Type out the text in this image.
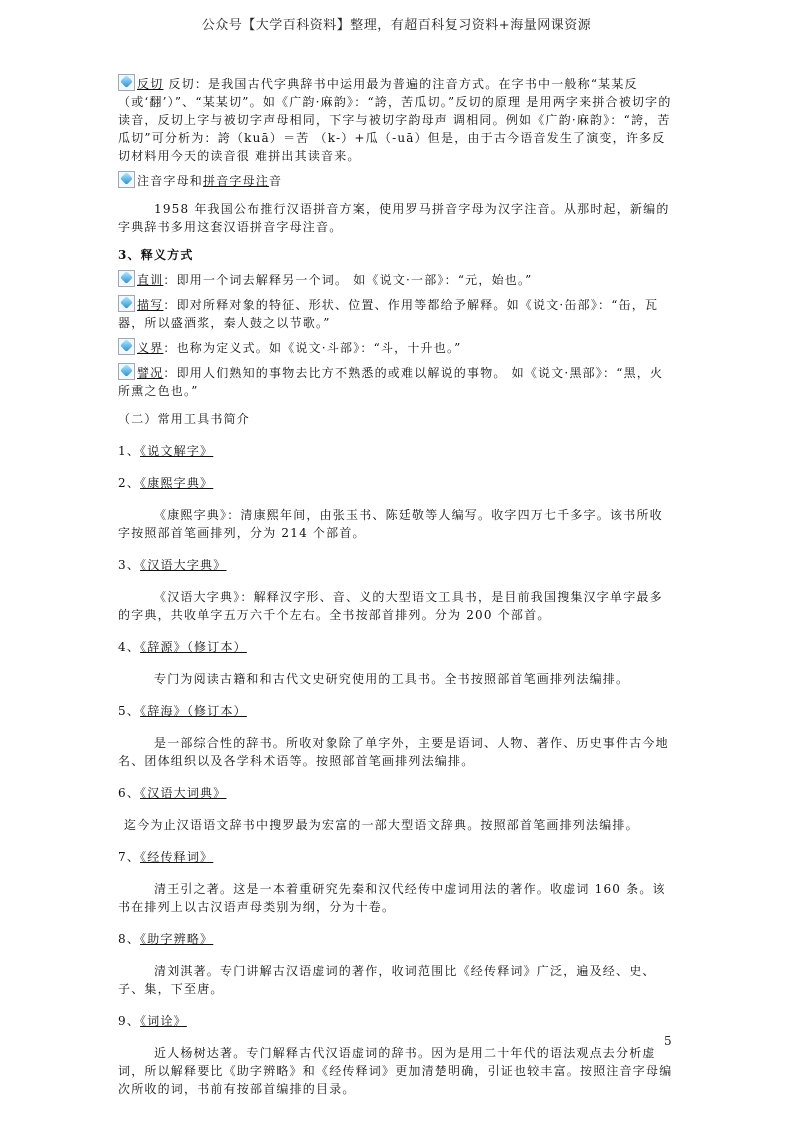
公众号【大学百科资料】整理，有超百科复习资料+海量网课资源

反切 反切：是我国古代字典辞书中运用最为普遍的注音方式。在字书中一般称“某某反 （或‘翻’）”、“某某切”。如《广韵·麻韵》：“誇，苦瓜切。”反切的原理 是用两字来拼合被切字的读音，反切上字与被切字声母相同，下字与被切字韵母声 调相同。例如《广韵·麻韵》：“誇，苦瓜切”可分析为：誇（kuā）＝苦 （k-）+瓜（-uā）但是，由于古今语音发生了演变，许多反切材料用今天的读音很 难拼出其读音来。

注音字母和拼音字母注音

1958 年我国公布推行汉语拼音方案，使用罗马拼音字母为汉字注音。从那时起，新编的字典辞书多用这套汉语拼音字母注音。

3、释义方式

直训：即用一个词去解释另一个词。 如《说文·一部》：“元，始也。”

描写：即对所释对象的特征、形状、位置、作用等都给予解释。如《说文·缶部》：“缶，瓦器，所以盛酒浆，秦人鼓之以节歌。”

义界：也称为定义式。如《说文·斗部》：“斗，十升也。”

譬况：即用人们熟知的事物去比方不熟悉的或难以解说的事物。 如《说文·黑部》：“黑，火所熏之色也。”

（二）常用工具书简介

1、《说文解字》

2、《康熙字典》

《康熙字典》：清康熙年间，由张玉书、陈廷敬等人编写。收字四万七千多字。该书所收字按照部首笔画排列，分为 214 个部首。

3、《汉语大字典》

《汉语大字典》：解释汉字形、音、义的大型语文工具书，是目前我国搜集汉字单字最多的字典，共收单字五万六千个左右。全书按部首排列。分为 200 个部首。

4、《辞源》（修订本）

专门为阅读古籍和和古代文史研究使用的工具书。全书按照部首笔画排列法编排。

5、《辞海》（修订本）

是一部综合性的辞书。所收对象除了单字外，主要是语词、人物、著作、历史事件古今地名、团体组织以及各学科术语等。按照部首笔画排列法编排。

6、《汉语大词典》

迄今为止汉语语文辞书中搜罗最为宏富的一部大型语文辞典。按照部首笔画排列法编排。

7、《经传释词》

清王引之著。这是一本着重研究先秦和汉代经传中虚词用法的著作。收虚词 160 条。该书在排列上以古汉语声母类别为纲，分为十卷。

8、《助字辨略》

清刘淇著。专门讲解古汉语虚词的著作，收词范围比《经传释词》广泛，遍及经、史、子、集，下至唐。

9、《词诠》

近人杨树达著。专门解释古代汉语虚词的辞书。因为是用二十年代的语法观点去分析虚词，所以解释要比《助字辨略》和《经传释词》更加清楚明确，引证也较丰富。按照注音字母编次所收的词，书前有按部首编排的目录。

5
